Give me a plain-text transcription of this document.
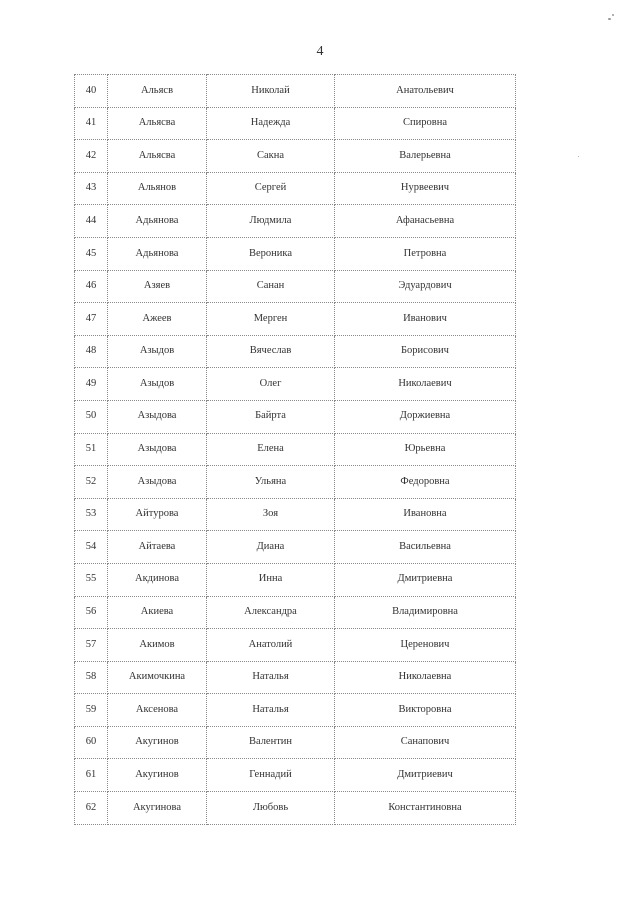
4
40	Альясв	Николай	Анатольевич
41	Альясва	Надежда	Спировна
42	Альясва	Сакна	Валерьевна
43	Альянов	Сергей	Нурвеевич
44	Адьянова	Людмила	Афанасьевна
45	Адьянова	Вероника	Петровна
46	Азяев	Санан	Эдуардович
47	Ажеев	Мерген	Иванович
48	Азыдов	Вячеслав	Борисович
49	Азыдов	Олег	Николаевич
50	Азыдова	Байрта	Доржиевна
51	Азыдова	Елена	Юрьевна
52	Азыдова	Ульяна	Федоровна
53	Айтурова	Зоя	Ивановна
54	Айтаева	Диана	Васильевна
55	Акдинова	Инна	Дмитриевна
56	Акиева	Александра	Владимировна
57	Акимов	Анатолий	Церенович
58	Акимочкина	Наталья	Николаевна
59	Аксенова	Наталья	Викторовна
60	Акугинов	Валентин	Санапович
61	Акугинов	Геннадий	Дмитриевич
62	Акугинова	Любовь	Константиновна
